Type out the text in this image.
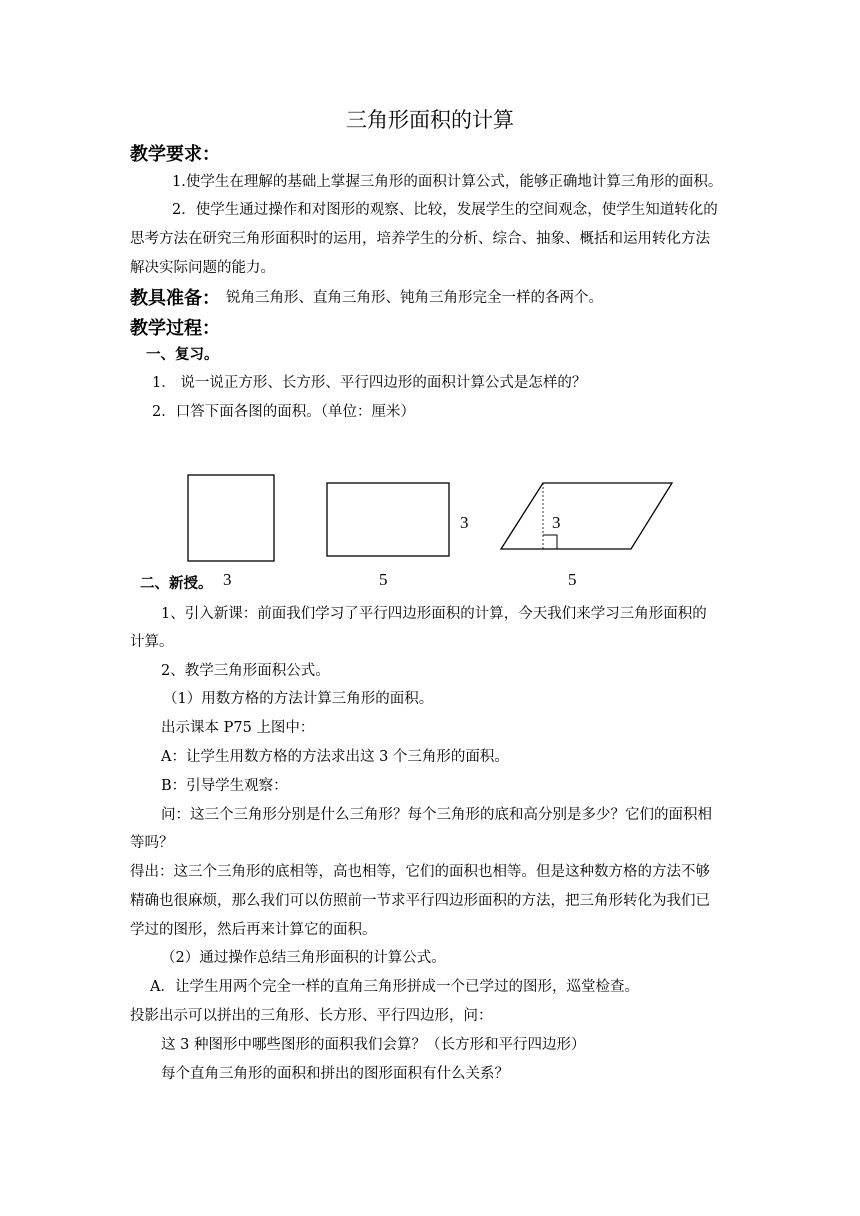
三角形面积的计算
教学要求：
1.使学生在理解的基础上掌握三角形的面积计算公式，能够正确地计算三角形的面积。
2．使学生通过操作和对图形的观察、比较，发展学生的空间观念，使学生知道转化的
思考方法在研究三角形面积时的运用，培养学生的分析、综合、抽象、概括和运用转化方法
解决实际问题的能力。
教具准备： 锐角三角形、直角三角形、钝角三角形完全一样的各两个。
教学过程：
一、复习。
1． 说一说正方形、长方形、平行四边形的面积计算公式是怎样的？
2．口答下面各图的面积。（单位：厘米）
3	3
二、新授。 3	5	5
1、引入新课：前面我们学习了平行四边形面积的计算，今天我们来学习三角形面积的
计算。
2、教学三角形面积公式。
（1）用数方格的方法计算三角形的面积。
出示课本 P75 上图中：
A：让学生用数方格的方法求出这 3 个三角形的面积。
B：引导学生观察：
问：这三个三角形分别是什么三角形？每个三角形的底和高分别是多少？它们的面积相
等吗？
得出：这三个三角形的底相等，高也相等，它们的面积也相等。但是这种数方格的方法不够
精确也很麻烦，那么我们可以仿照前一节求平行四边形面积的方法，把三角形转化为我们已
学过的图形，然后再来计算它的面积。
（2）通过操作总结三角形面积的计算公式。
A．让学生用两个完全一样的直角三角形拼成一个已学过的图形，巡堂检查。
投影出示可以拼出的三角形、长方形、平行四边形，问：
这 3 种图形中哪些图形的面积我们会算？（长方形和平行四边形）
每个直角三角形的面积和拼出的图形面积有什么关系？
